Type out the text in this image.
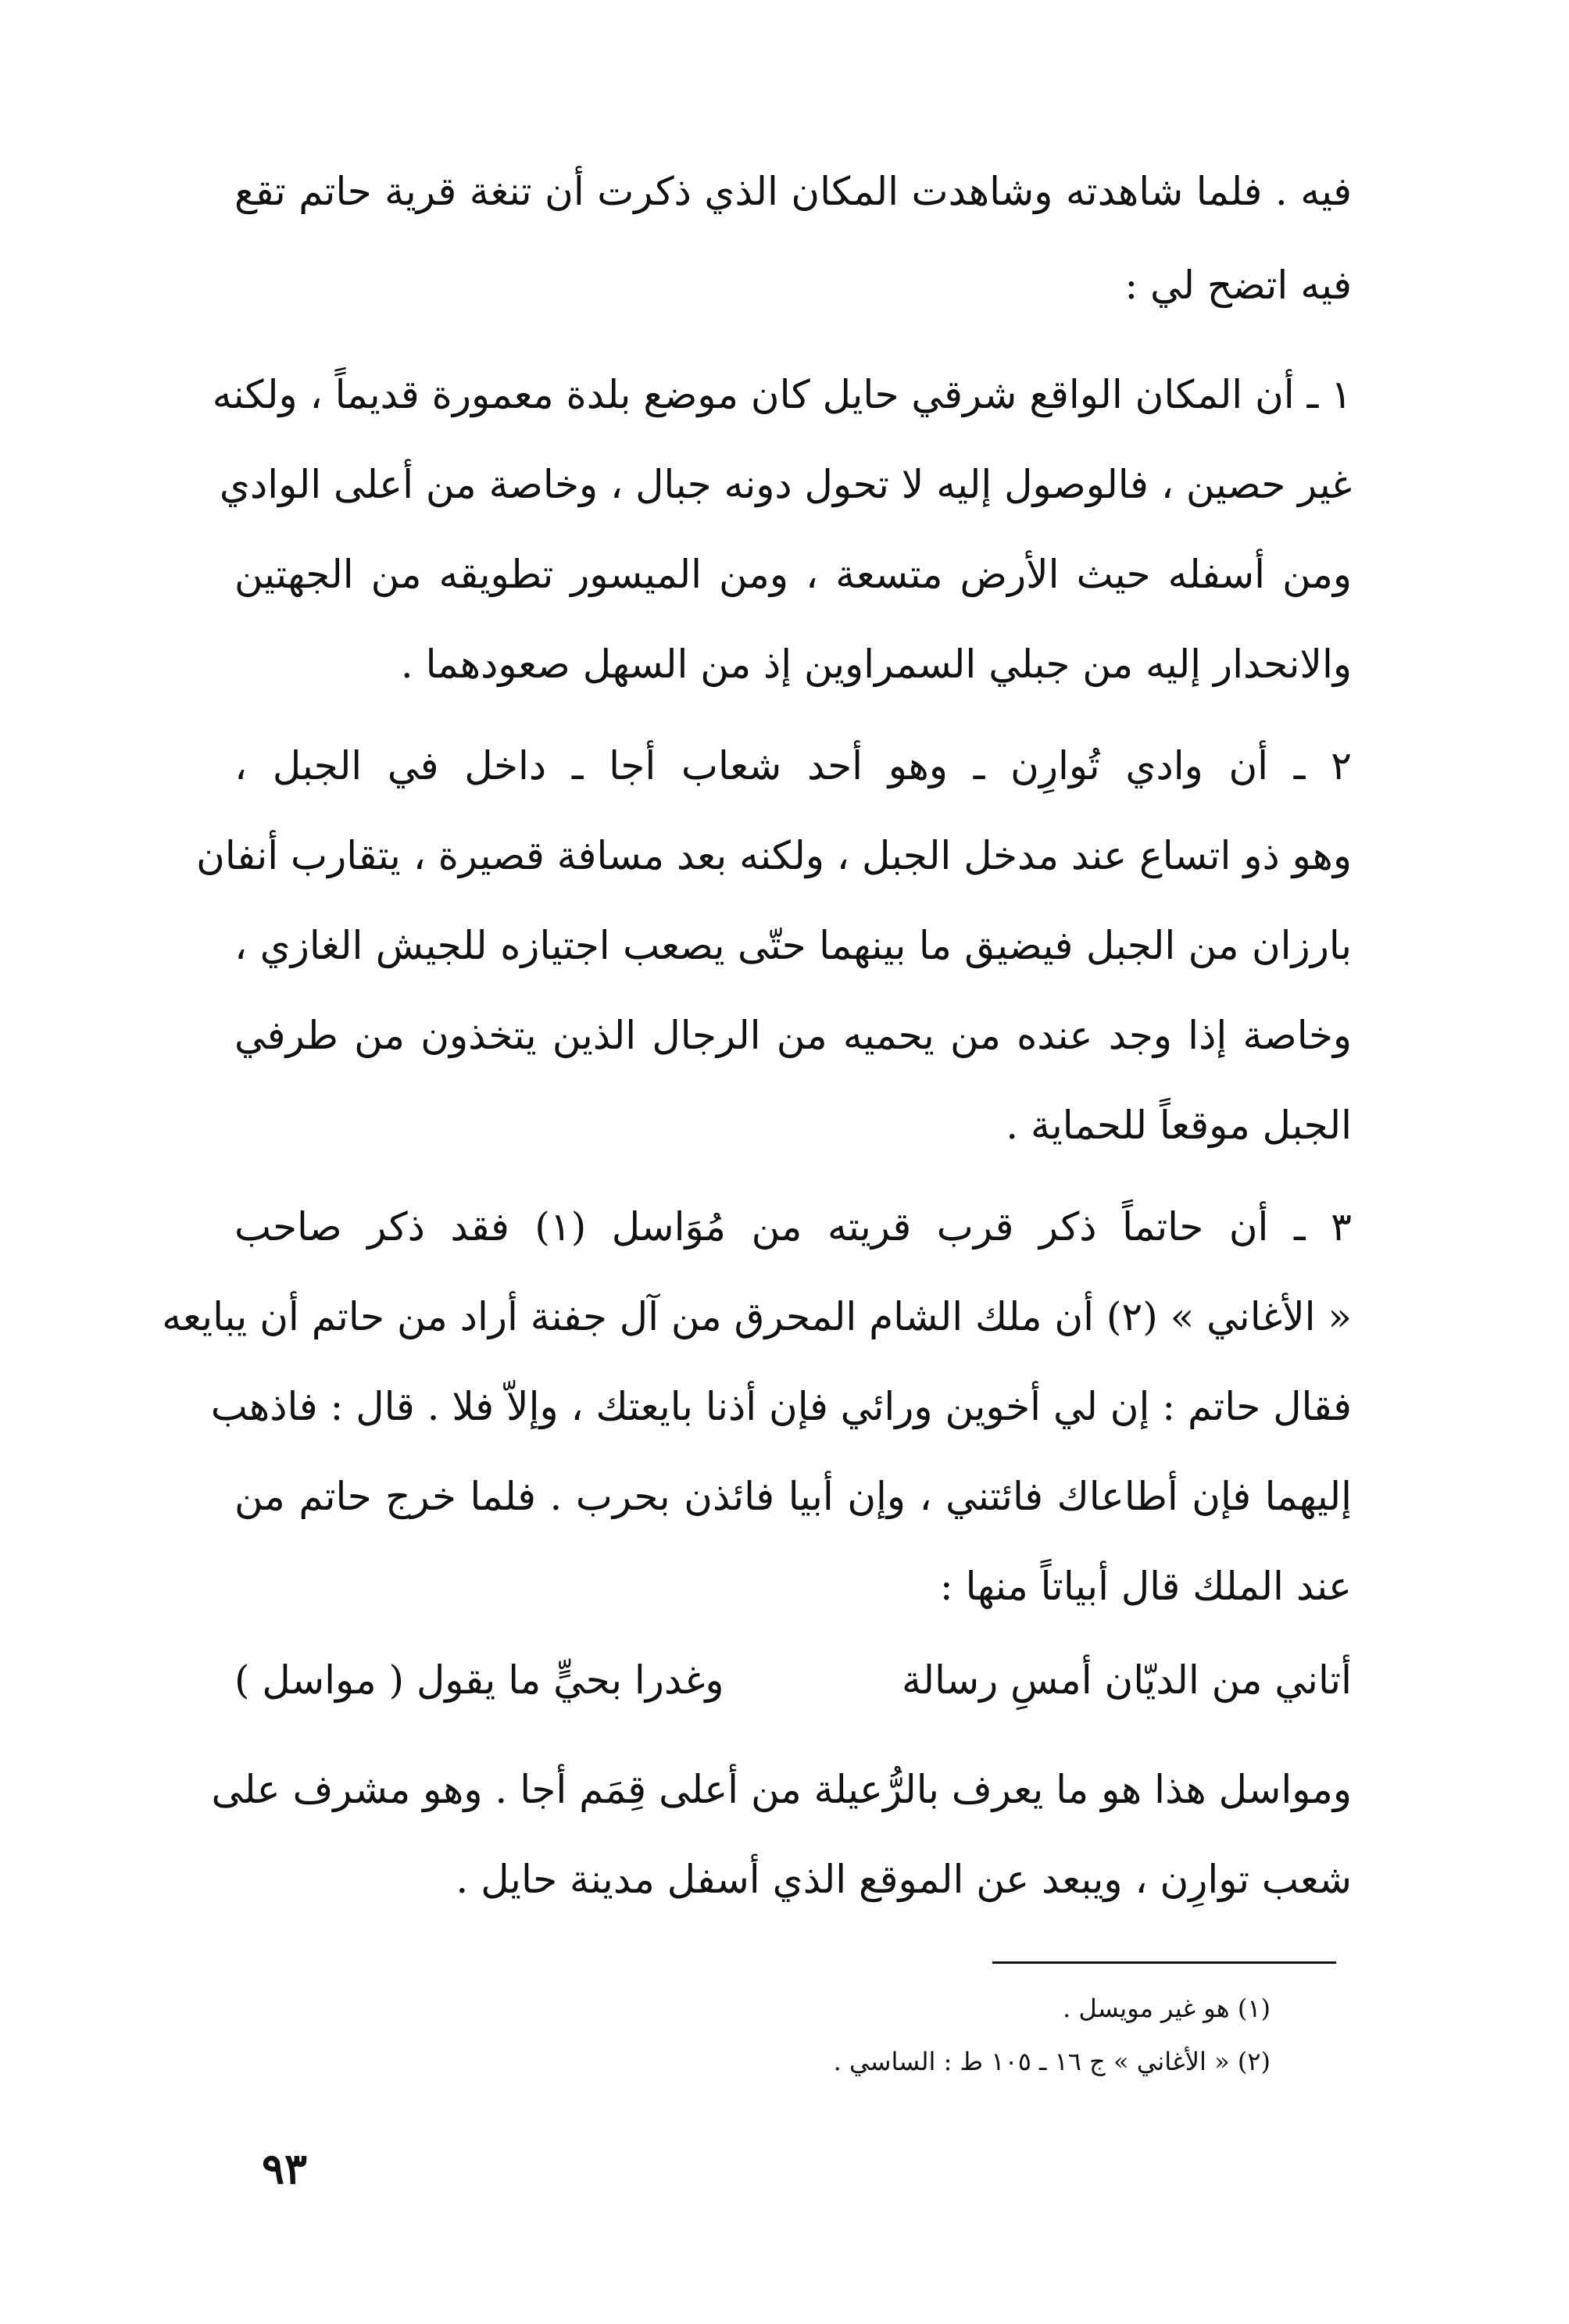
فيه . فلما شاهدته وشاهدت المكان الذي ذكرت أن تنغة قرية حاتم تقع
فيه اتضح لي :
١ ـ أن المكان الواقع شرقي حايل كان موضع بلدة معمورة قديماً ، ولكنه
غير حصين ، فالوصول إليه لا تحول دونه جبال ، وخاصة من أعلى الوادي
ومن أسفله حيث الأرض متسعة ، ومن الميسور تطويقه من الجهتين
والانحدار إليه من جبلي السمراوين إذ من السهل صعودهما .
٢ ـ أن وادي تُوارِن ـ وهو أحد شعاب أجا ـ داخل في الجبل ،
وهو ذو اتساع عند مدخل الجبل ، ولكنه بعد مسافة قصيرة ، يتقارب أنفان
بارزان من الجبل فيضيق ما بينهما حتّى يصعب اجتيازه للجيش الغازي ،
وخاصة إذا وجد عنده من يحميه من الرجال الذين يتخذون من طرفي
الجبل موقعاً للحماية .
٣ ـ أن حاتماً ذكر قرب قريته من مُوَاسل (١) فقد ذكر صاحب
« الأغاني » (٢) أن ملك الشام المحرق من آل جفنة أراد من حاتم أن يبايعه
فقال حاتم : إن لي أخوين ورائي فإن أذنا بايعتك ، وإلاّ فلا . قال : فاذهب
إليهما فإن أطاعاك فائتني ، وإن أبيا فائذن بحرب . فلما خرج حاتم من
عند الملك قال أبياتاً منها :
أتاني من الديّان أمسِ رسالة
وغدرا بحيٍّ ما يقول ( مواسل )
ومواسل هذا هو ما يعرف بالرُّعيلة من أعلى قِمَم أجا . وهو مشرف على
شعب توارِن ، ويبعد عن الموقع الذي أسفل مدينة حايل .
(١) هو غير مويسل .
(٢) « الأغاني » ج ١٦ ـ ١٠٥ ط : الساسي .
٩٣
